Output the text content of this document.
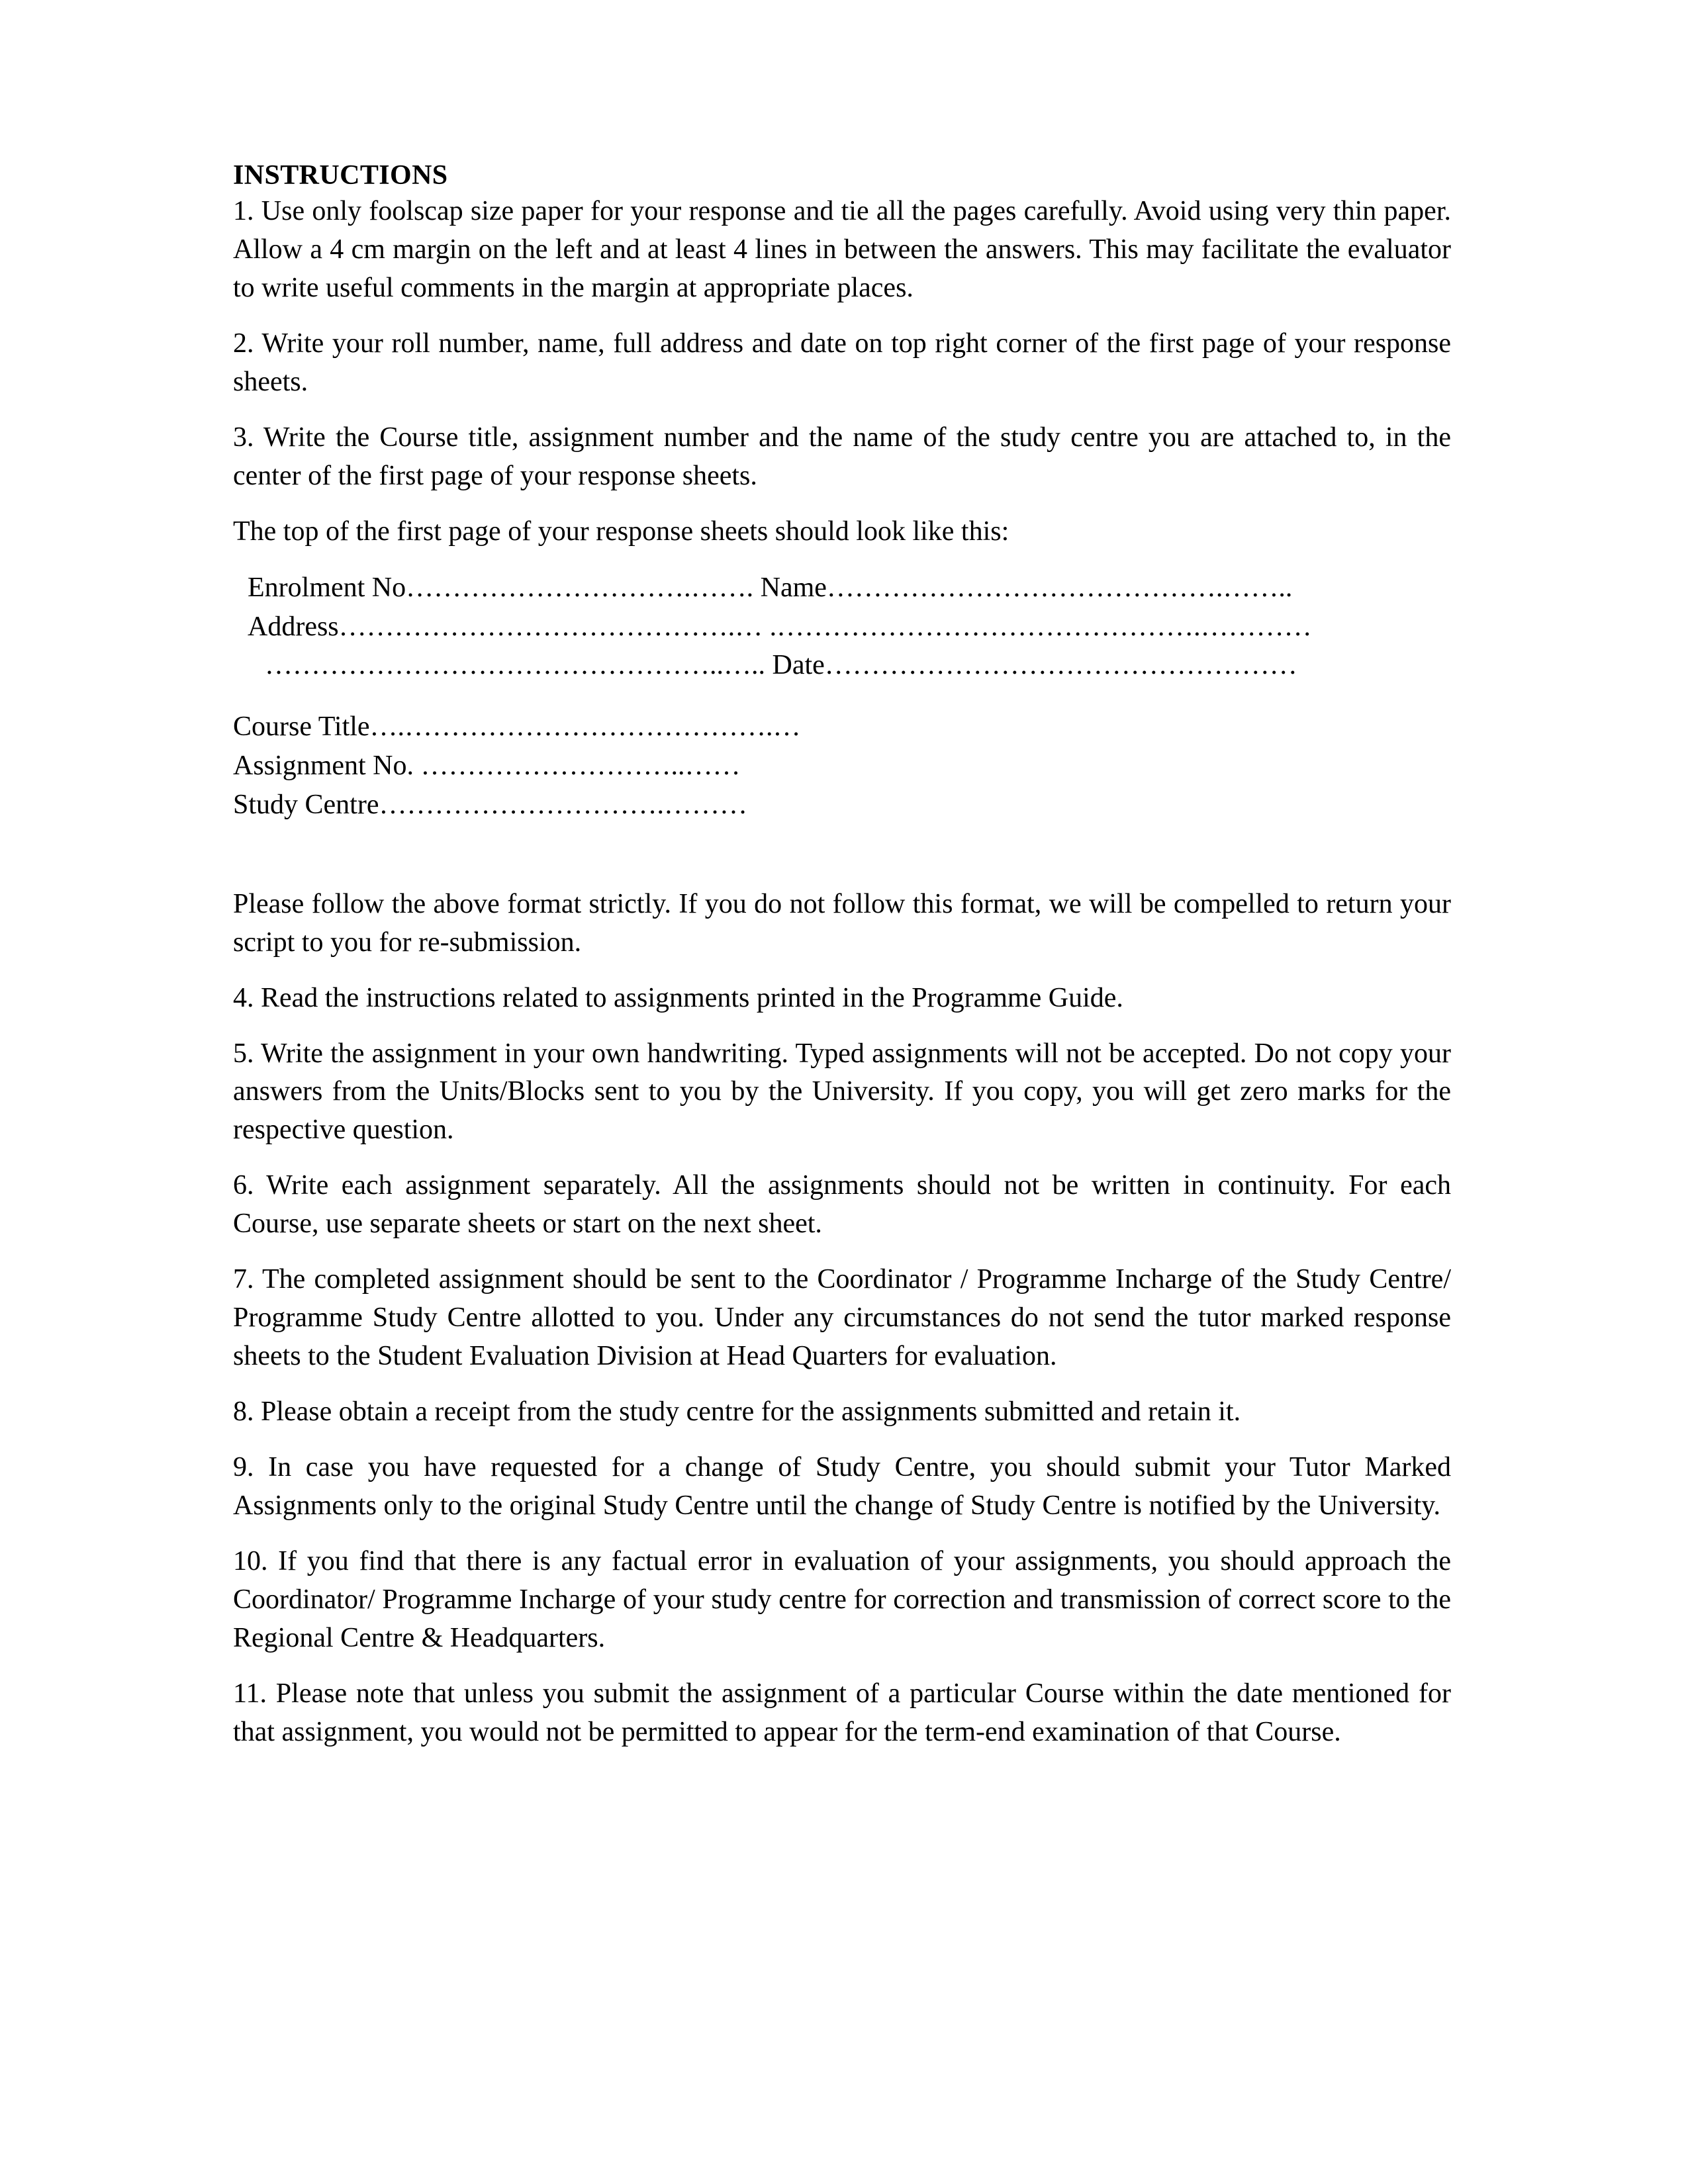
INSTRUCTIONS

1. Use only foolscap size paper for your response and tie all the pages carefully. Avoid using very thin paper. Allow a 4 cm margin on the left and at least 4 lines in between the answers. This may facilitate the evaluator to write useful comments in the margin at appropriate places.

2. Write your roll number, name, full address and date on top right corner of the first page of your response sheets.

3. Write the Course title, assignment number and the name of the study centre you are attached to, in the center of the first page of your response sheets.

The top of the first page of your response sheets should look like this:

Enrolment No………………………….……. Name…………………………………….……..
Address…………………………………….… .……………………………………….…………
…………………………………………..….. Date……………………………………………
Course Title….………………………………….…
Assignment No. ………………………..……
Study Centre………………………….………

Please follow the above format strictly. If you do not follow this format, we will be compelled to return your script to you for re-submission.

4. Read the instructions related to assignments printed in the Programme Guide.

5. Write the assignment in your own handwriting. Typed assignments will not be accepted. Do not copy your answers from the Units/Blocks sent to you by the University. If you copy, you will get zero marks for the respective question.

6. Write each assignment separately. All the assignments should not be written in continuity. For each Course, use separate sheets or start on the next sheet.

7. The completed assignment should be sent to the Coordinator / Programme Incharge of the Study Centre/ Programme Study Centre allotted to you. Under any circumstances do not send the tutor marked response sheets to the Student Evaluation Division at Head Quarters for evaluation.

8. Please obtain a receipt from the study centre for the assignments submitted and retain it.

9. In case you have requested for a change of Study Centre, you should submit your Tutor Marked Assignments only to the original Study Centre until the change of Study Centre is notified by the University.

10. If you find that there is any factual error in evaluation of your assignments, you should approach the Coordinator/ Programme Incharge of your study centre for correction and transmission of correct score to the Regional Centre & Headquarters.

11. Please note that unless you submit the assignment of a particular Course within the date mentioned for that assignment, you would not be permitted to appear for the term-end examination of that Course.
